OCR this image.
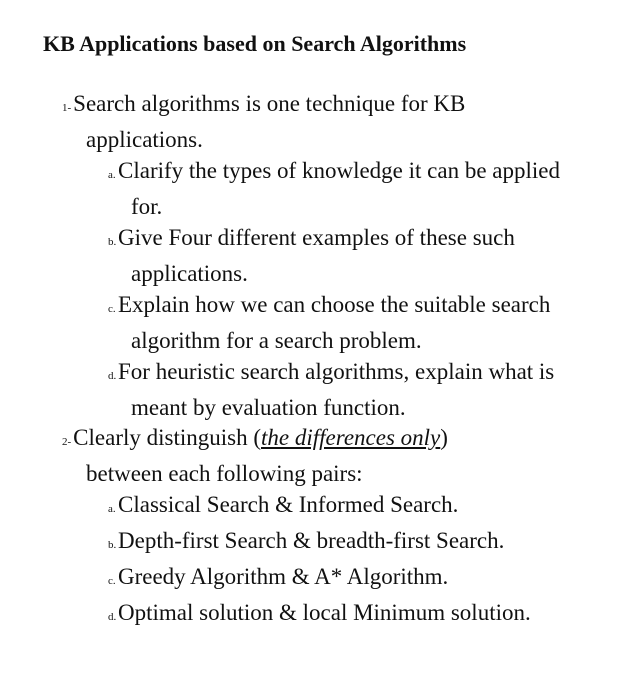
KB Applications based on Search Algorithms
1-Search algorithms is one technique for KB
applications.
a. Clarify the types of knowledge it can be applied for.
b.Give Four different examples of these such applications.
c. Explain how we can choose the suitable search algorithm for a search problem.
d.For heuristic search algorithms, explain what is meant by evaluation function.
2-Clearly distinguish (the differences only)
between each following pairs:
a. Classical Search & Informed Search.
b.Depth-first Search & breadth-first Search.
c. Greedy Algorithm & A* Algorithm.
d.Optimal solution & local Minimum solution.
